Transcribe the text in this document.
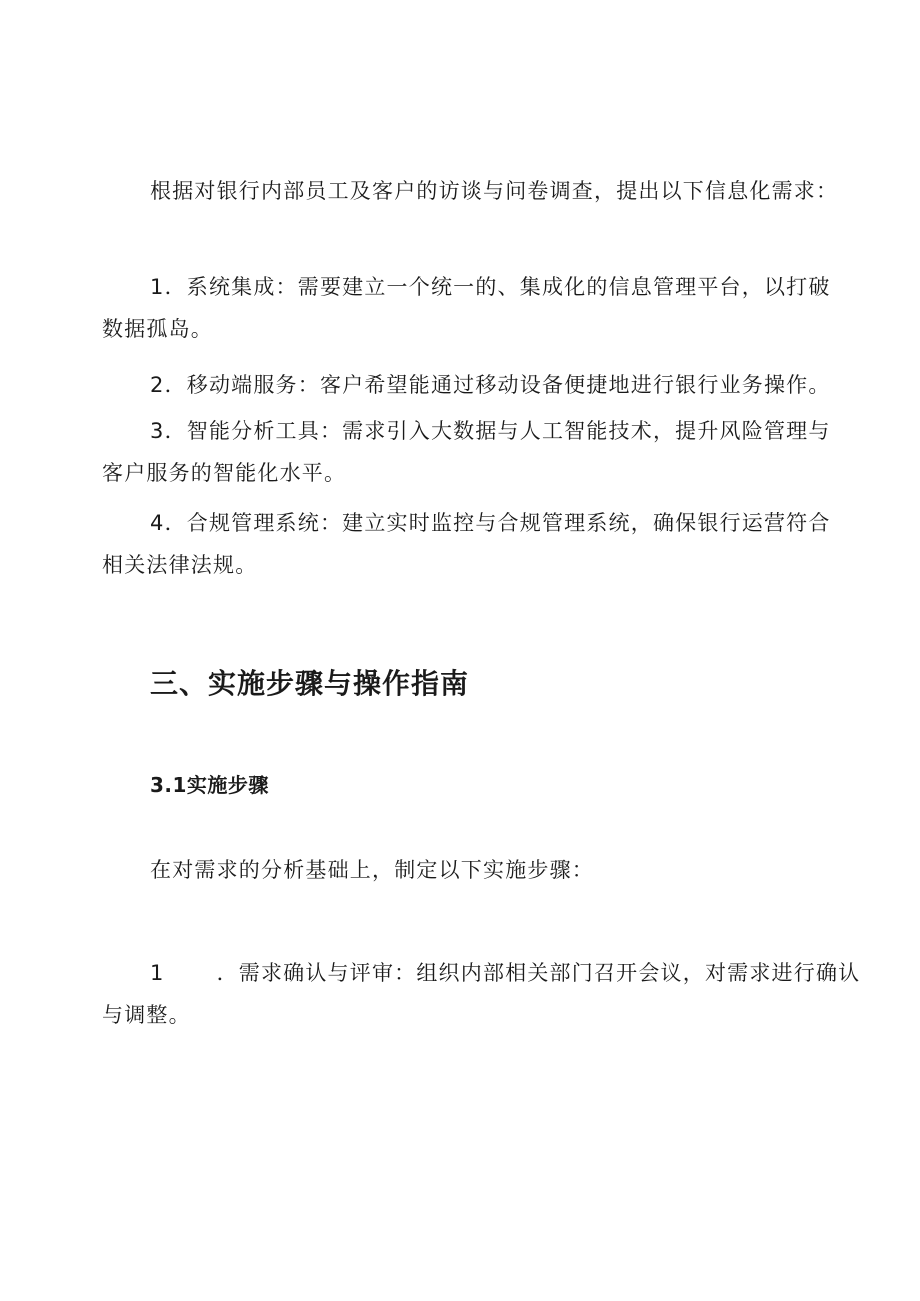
根据对银行内部员工及客户的访谈与问卷调查，提出以下信息化需求：

1．系统集成：需要建立一个统一的、集成化的信息管理平台，以打破
数据孤岛。

2．移动端服务：客户希望能通过移动设备便捷地进行银行业务操作。

3．智能分析工具：需求引入大数据与人工智能技术，提升风险管理与
客户服务的智能化水平。

4．合规管理系统：建立实时监控与合规管理系统，确保银行运营符合
相关法律法规。

三、实施步骤与操作指南
3.1实施步骤

在对需求的分析基础上，制定以下实施步骤：

1 ．需求确认与评审：组织内部相关部门召开会议，对需求进行确认
与调整。
